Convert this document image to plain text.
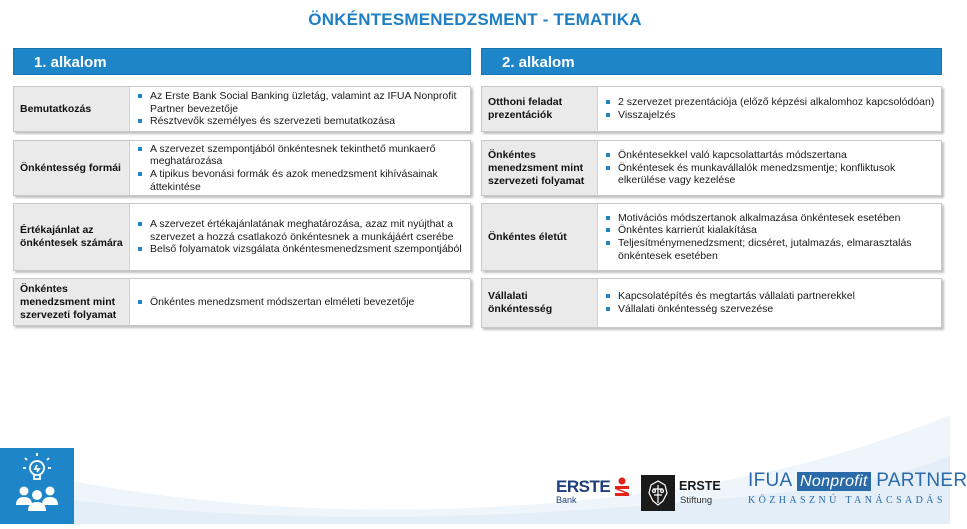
ÖNKÉNTESMENEDZSMENT - TEMATIKA
1. alkalom
Bemutatkozás
Az Erste Bank Social Banking üzletág, valamint az IFUA Nonprofit Partner bevezetője
Résztvevők személyes és szervezeti bemutatkozása
Önkéntesség formái
A szervezet szempontjából önkéntesnek tekinthető munkaerő meghatározása
A tipikus bevonási formák és azok menedzsment kihívásainak áttekintése
Értékajánlat az önkéntesek számára
A szervezet értékajánlatának meghatározása, azaz mit nyújthat a szervezet a hozzá csatlakozó önkéntesnek a munkájáért cserébe
Belső folyamatok vizsgálata önkéntesmenedzsment szempontjából
Önkéntes menedzsment mint szervezeti folyamat
Önkéntes menedzsment módszertan elméleti bevezetője
2. alkalom
Otthoni feladat prezentációk
2 szervezet prezentációja (előző képzési alkalomhoz kapcsolódóan)
Visszajelzés
Önkéntes menedzsment mint szervezeti folyamat
Önkéntesekkel való kapcsolattartás módszertana
Önkéntesek és munkavállalók menedzsmentje; konfliktusok elkerülése vagy kezelése
Önkéntes életút
Motivációs módszertanok alkalmazása önkéntesek esetében
Önkéntes karrierút kialakítása
Teljesítménymenedzsment; dicséret, jutalmazás, elmarasztalás önkéntesek esetében
Vállalati önkéntesség
Kapcsolatépítés és megtartás vállalati partnerekkel
Vállalati önkéntesség szervezése
ERSTE
Bank
ERSTE
Stiftung
IFUA Nonprofit PARTNER
KÖZHASZNÚ TANÁCSADÁS
